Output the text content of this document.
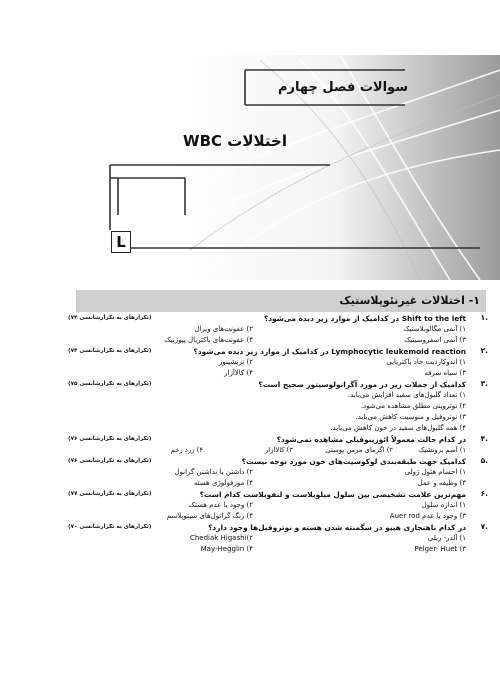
سوالات فصل چهارم
اختلالات WBC
L
۱- اختلالات غیرنئوپلاستیک
.۱
Shift to the left در کدامیک از موارد زیر دیده می‌شود؟
(تکرار‌های به تکرار‌شانسی ۷۴)
۱) آنمی مگالوبلاستیک
۲) عفونت‌های ویرال
۳) آنمی اسفروسیتیک
۴) عفونت‌های باکتریال پیوژنیک
.۲
Lymphocytic leukemoid reaction در کدامیک از موارد زیر دیده می‌شود؟
(تکرار‌های به تکرار‌شانسی ۷۴)
۱) اندوکاردیت حاد باکتریایی
۲) تریشینوز
۳) سیاه سرفه
۴) کالاآزار
.۳
کدامیک از جملات زیر در مورد آگرانولوسیتوز صحیح است؟
(تکرار‌های به تکرار‌شانسی ۷۵)
۱) تعداد گلبول‌های سفید افزایش می‌یابد.
۲) نوتروپنی مطلق مشاهده می‌شود.
۳) نوتروفیل و منوسیت کاهش می‌یابد.
۴) همه گلبول‌های سفید در خون کاهش می‌یابد.
.۴
در کدام حالت معمولاً ائوزینوفیلی مشاهده نمی‌شود؟
(تکرار‌های به تکرار‌شانسی ۷۶)
۱) آسم برونشیک
۲) اگزمای مزمن پوستی
۳) کالاآزار
۴) زرد زخم
.۵
کدامیک جهت طبقه‌بندی لوکوسیت‌های خون مورد توجه نیست؟
(تکرار‌های به تکرار‌شانسی ۷۶)
۱) اجسام هئول ژولی
۲) داشتن یا نداشتن گرانول
۳) وظیفه و عمل
۴) مورفولوژی هسته
.۶
مهم‌ترین علامت تشخیصی بین سلول میلوبلاست و لنفوبلاست کدام است؟
(تکرار‌های به تکرار‌شانسی ۷۷)
۱) اندازه سلول
۲) وجود یا عدم هستک
۳) وجود یا عدم Auer rod
۴) رنگ گرانول‌های سیتوپلاسم
.۷
در کدام ناهنجاری هیپو در سگمنته شدن هسته و نوتروفیل‌ها وجود دارد؟
(تکرار‌های به تکرار‌شانسی ۷۰)
۱) آلدر- ریلی
Chediak Higashi(۲
Pelger- Huet (۳
May-Hegglin (۴
